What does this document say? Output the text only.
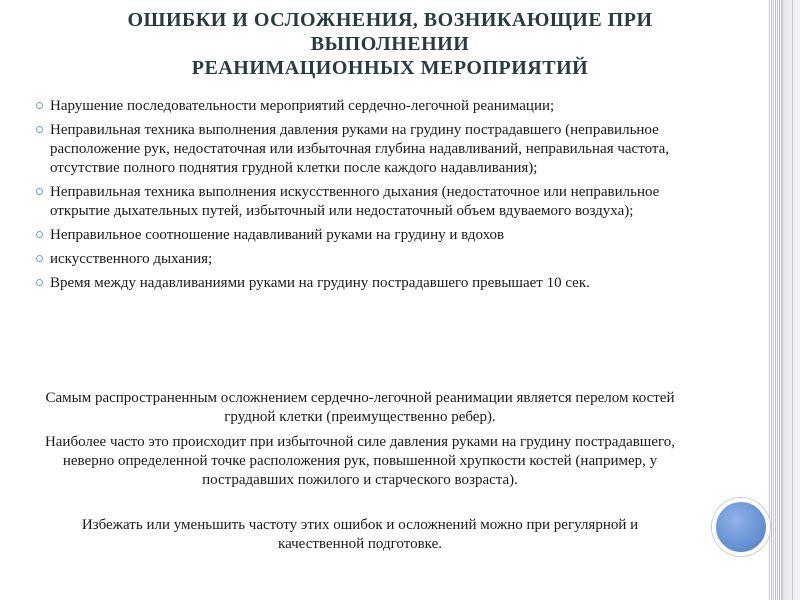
ОШИБКИ И ОСЛОЖНЕНИЯ, ВОЗНИКАЮЩИЕ ПРИ
ВЫПОЛНЕНИИ
РЕАНИМАЦИОННЫХ МЕРОПРИЯТИЙ
Нарушение последовательности мероприятий сердечно-легочной реанимации;
Неправильная техника выполнения давления руками на грудину пострадавшего (неправильное расположение рук, недостаточная или избыточная глубина надавливаний, неправильная частота, отсутствие полного поднятия грудной клетки после каждого надавливания);
Неправильная техника выполнения искусственного дыхания (недостаточное или неправильное открытие дыхательных путей, избыточный или недостаточный объем вдуваемого воздуха);
Неправильное соотношение надавливаний руками на грудину и вдохов
искусственного дыхания;
Время между надавливаниями руками на грудину пострадавшего превышает 10 сек.

Самым распространенным осложнением сердечно-легочной реанимации является перелом костей грудной клетки (преимущественно ребер).

Наиболее часто это происходит при избыточной силе давления руками на грудину пострадавшего, неверно определенной точке расположения рук, повышенной хрупкости костей (например, у пострадавших пожилого и старческого возраста).

Избежать или уменьшить частоту этих ошибок и осложнений можно при регулярной и качественной подготовке.
